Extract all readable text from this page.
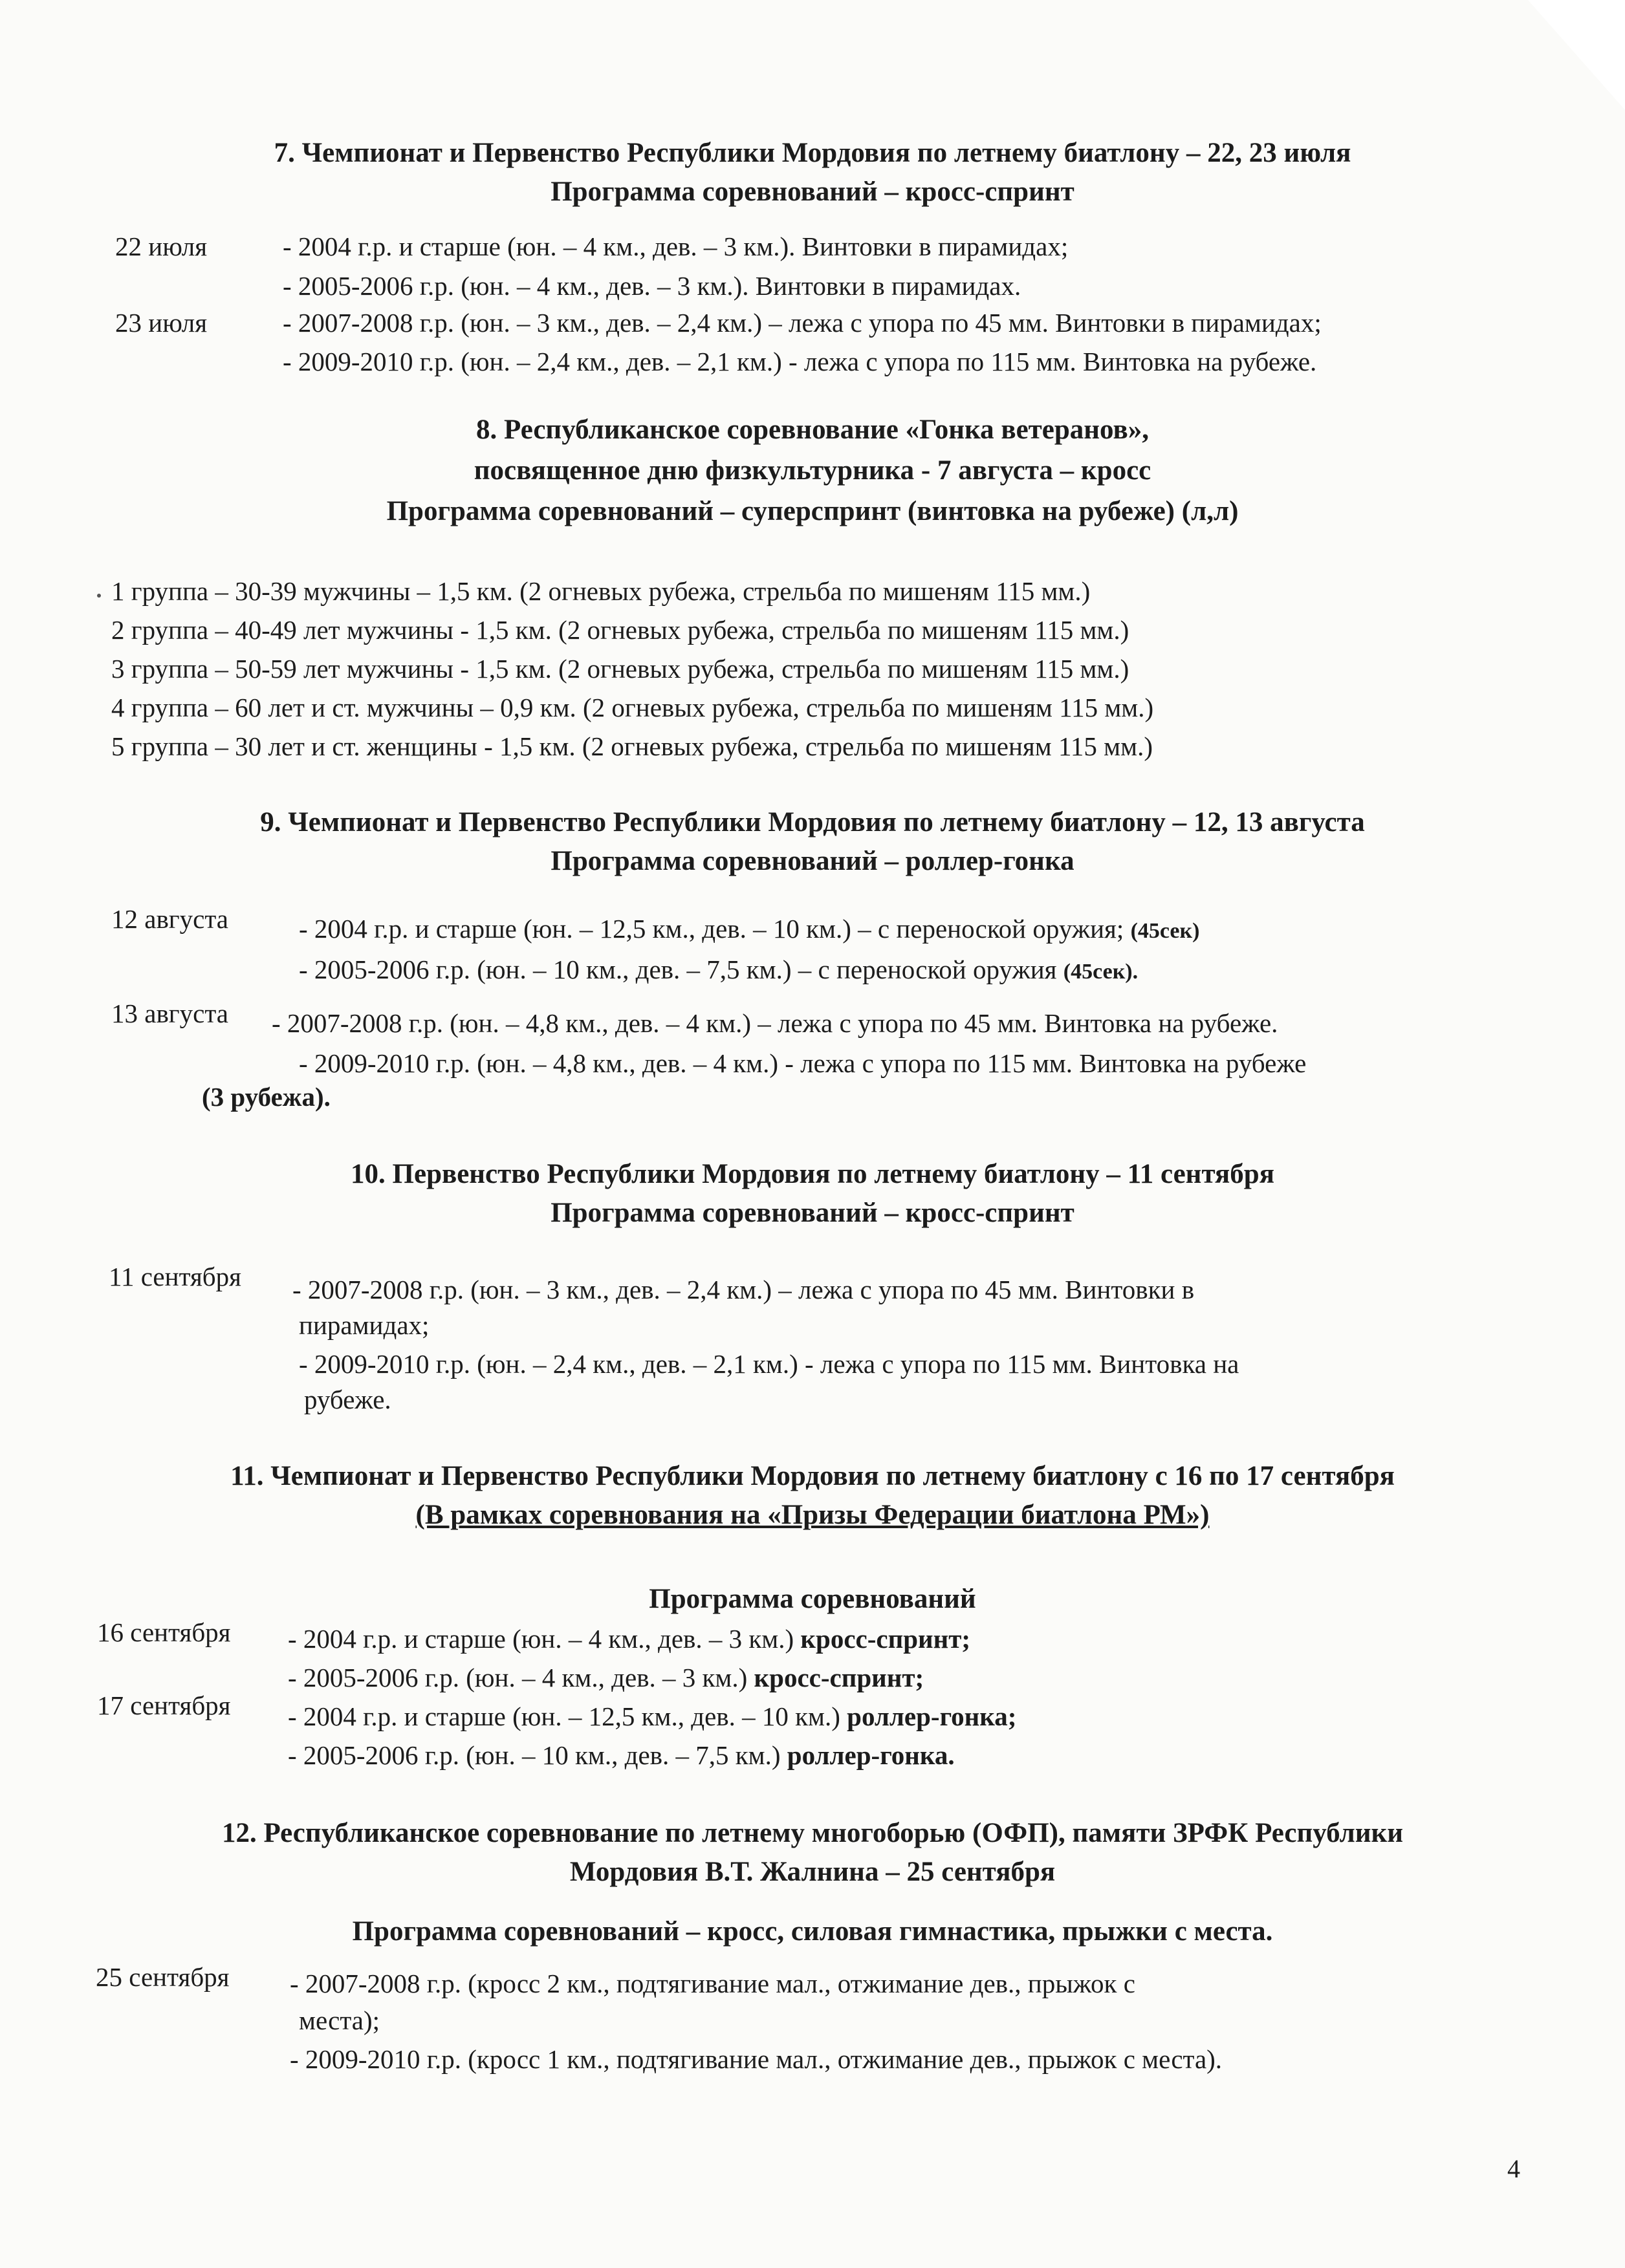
7. Чемпионат и Первенство Республики Мордовия по летнему биатлону – 22, 23 июля
Программа соревнований – кросс-спринт
22 июля	- 2004 г.р. и старше (юн. – 4 км., дев. – 3 км.). Винтовки в пирамидах;
- 2005-2006 г.р. (юн. – 4 км., дев. – 3 км.). Винтовки в пирамидах.
23 июля	- 2007-2008 г.р. (юн. – 3 км., дев. – 2,4 км.) – лежа с упора по 45 мм. Винтовки в пирамидах;
- 2009-2010 г.р. (юн. – 2,4 км., дев. – 2,1 км.) - лежа с упора по 115 мм. Винтовка на рубеже.
8. Республиканское соревнование «Гонка ветеранов»,
посвященное дню физкультурника - 7 августа – кросс
Программа соревнований – суперспринт (винтовка на рубеже) (л,л)
1 группа – 30-39 мужчины – 1,5 км. (2 огневых рубежа, стрельба по мишеням 115 мм.)
2 группа – 40-49 лет мужчины - 1,5 км. (2 огневых рубежа, стрельба по мишеням 115 мм.)
3 группа – 50-59 лет мужчины - 1,5 км. (2 огневых рубежа, стрельба по мишеням 115 мм.)
4 группа – 60 лет и ст. мужчины – 0,9 км. (2 огневых рубежа, стрельба по мишеням 115 мм.)
5 группа – 30 лет и ст. женщины - 1,5 км. (2 огневых рубежа, стрельба по мишеням 115 мм.)
9. Чемпионат и Первенство Республики Мордовия по летнему биатлону – 12, 13 августа
Программа соревнований – роллер-гонка
12 августа	- 2004 г.р. и старше (юн. – 12,5 км., дев. – 10 км.) – с переноской оружия; (45сек)
- 2005-2006 г.р. (юн. – 10 км., дев. – 7,5 км.) – с переноской оружия (45сек).
13 августа - 2007-2008 г.р. (юн. – 4,8 км., дев. – 4 км.) – лежа с упора по 45 мм. Винтовка на рубеже.
- 2009-2010 г.р. (юн. – 4,8 км., дев. – 4 км.) - лежа с упора по 115 мм. Винтовка на рубеже
(3 рубежа).
10. Первенство Республики Мордовия по летнему биатлону – 11 сентября
Программа соревнований – кросс-спринт
11 сентября - 2007-2008 г.р. (юн. – 3 км., дев. – 2,4 км.) – лежа с упора по 45 мм. Винтовки в
пирамидах;
- 2009-2010 г.р. (юн. – 2,4 км., дев. – 2,1 км.) - лежа с упора по 115 мм. Винтовка на
рубеже.
11. Чемпионат и Первенство Республики Мордовия по летнему биатлону с 16 по 17 сентября
(В рамках соревнования на «Призы Федерации биатлона РМ»)
Программа соревнований
16 сентября - 2004 г.р. и старше (юн. – 4 км., дев. – 3 км.) кросс-спринт;
- 2005-2006 г.р. (юн. – 4 км., дев. – 3 км.) кросс-спринт;
17 сентября - 2004 г.р. и старше (юн. – 12,5 км., дев. – 10 км.) роллер-гонка;
- 2005-2006 г.р. (юн. – 10 км., дев. – 7,5 км.) роллер-гонка.
12. Республиканское соревнование по летнему многоборью (ОФП), памяти ЗРФК Республики
Мордовия В.Т. Жалнина – 25 сентября
Программа соревнований – кросс, силовая гимнастика, прыжки с места.
25 сентября - 2007-2008 г.р. (кросс 2 км., подтягивание мал., отжимание дев., прыжок с
места);
- 2009-2010 г.р. (кросс 1 км., подтягивание мал., отжимание дев., прыжок с места).
4
